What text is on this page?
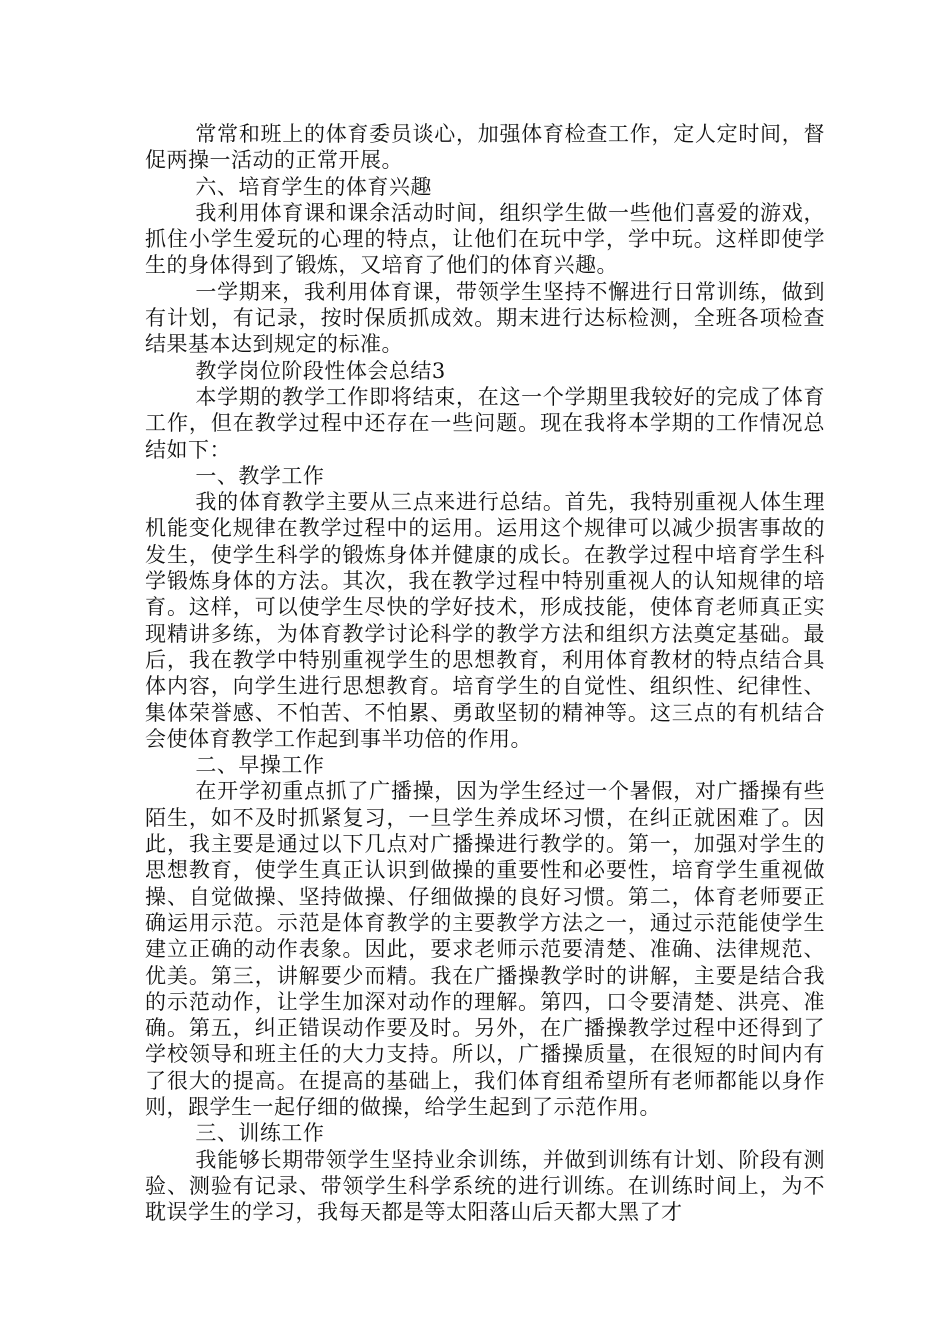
常常和班上的体育委员谈心，加强体育检查工作，定人定时间，督促两操一活动的正常开展。

六、培育学生的体育兴趣

我利用体育课和课余活动时间，组织学生做一些他们喜爱的游戏，抓住小学生爱玩的心理的特点，让他们在玩中学，学中玩。这样即使学生的身体得到了锻炼，又培育了他们的体育兴趣。

一学期来，我利用体育课，带领学生坚持不懈进行日常训练，做到有计划，有记录，按时保质抓成效。期末进行达标检测，全班各项检查结果基本达到规定的标准。

教学岗位阶段性体会总结3

本学期的教学工作即将结束，在这一个学期里我较好的完成了体育工作，但在教学过程中还存在一些问题。现在我将本学期的工作情况总结如下：

一、教学工作

我的体育教学主要从三点来进行总结。首先，我特别重视人体生理机能变化规律在教学过程中的运用。运用这个规律可以减少损害事故的发生，使学生科学的锻炼身体并健康的成长。在教学过程中培育学生科学锻炼身体的方法。其次，我在教学过程中特别重视人的认知规律的培育。这样，可以使学生尽快的学好技术，形成技能，使体育老师真正实现精讲多练，为体育教学讨论科学的教学方法和组织方法奠定基础。最后，我在教学中特别重视学生的思想教育，利用体育教材的特点结合具体内容，向学生进行思想教育。培育学生的自觉性、组织性、纪律性、集体荣誉感、不怕苦、不怕累、勇敢坚韧的精神等。这三点的有机结合会使体育教学工作起到事半功倍的作用。

二、早操工作

在开学初重点抓了广播操，因为学生经过一个暑假，对广播操有些陌生，如不及时抓紧复习，一旦学生养成坏习惯，在纠正就困难了。因此，我主要是通过以下几点对广播操进行教学的。第一，加强对学生的思想教育，使学生真正认识到做操的重要性和必要性，培育学生重视做操、自觉做操、坚持做操、仔细做操的良好习惯。第二，体育老师要正确运用示范。示范是体育教学的主要教学方法之一，通过示范能使学生建立正确的动作表象。因此，要求老师示范要清楚、准确、法律规范、优美。第三，讲解要少而精。我在广播操教学时的讲解，主要是结合我的示范动作，让学生加深对动作的理解。第四，口令要清楚、洪亮、准确。第五，纠正错误动作要及时。另外，在广播操教学过程中还得到了学校领导和班主任的大力支持。所以，广播操质量，在很短的时间内有了很大的提高。在提高的基础上，我们体育组希望所有老师都能以身作则，跟学生一起仔细的做操，给学生起到了示范作用。

三、训练工作

我能够长期带领学生坚持业余训练，并做到训练有计划、阶段有测验、测验有记录、带领学生科学系统的进行训练。在训练时间上，为不耽误学生的学习，我每天都是等太阳落山后天都大黑了才
